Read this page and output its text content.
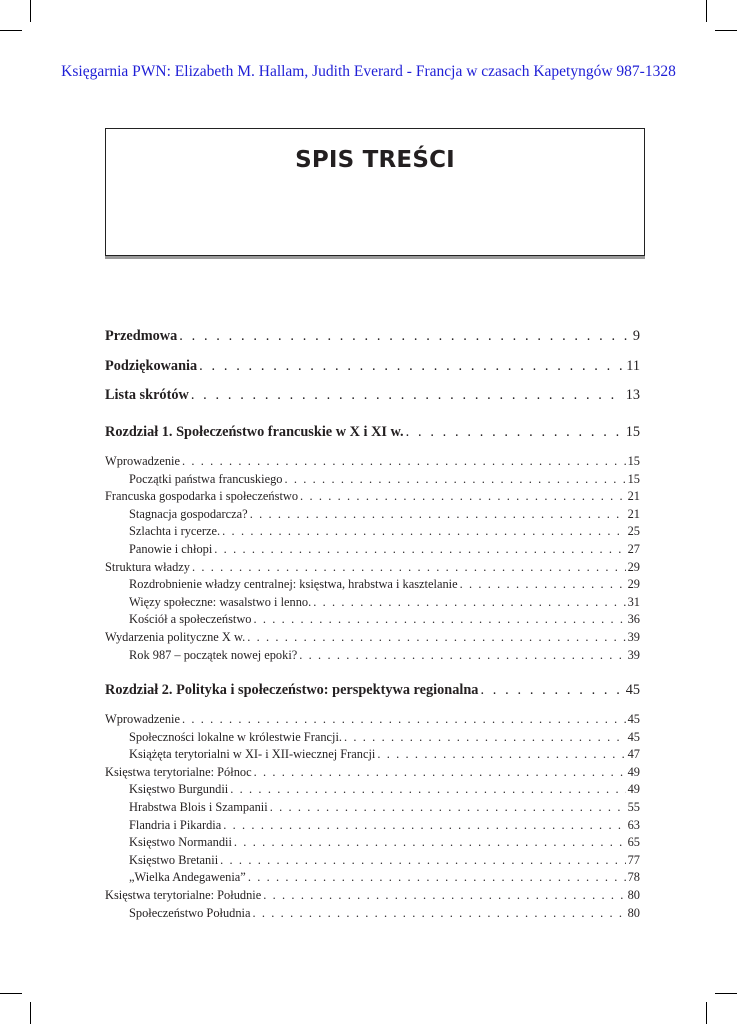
Księgarnia PWN: Elizabeth M. Hallam, Judith Everard - Francja w czasach Kapetyngów 987-1328
SPIS TREŚCI
Przedmowa . . .	9
Podziękowania . . .	11
Lista skrótów . . .	13
Rozdział 1. Społeczeństwo francuskie w X i XI w. . . .	15
Wprowadzenie . . .	15
Początki państwa francuskiego . . .	15
Francuska gospodarka i społeczeństwo . . .	21
Stagnacja gospodarcza? . . .	21
Szlachta i rycerze. . . .	25
Panowie i chłopi . . .	27
Struktura władzy . . .	29
Rozdrobnienie władzy centralnej: księstwa, hrabstwa i kasztelanie . . .	29
Więzy społeczne: wasalstwo i lenno. . . .	31
Kościół a społeczeństwo . . .	36
Wydarzenia polityczne X w. . . .	39
Rok 987 – początek nowej epoki? . . .	39
Rozdział 2. Polityka i społeczeństwo: perspektywa regionalna . . .	45
Wprowadzenie . . .	45
Społeczności lokalne w królestwie Francji. . . .	45
Książęta terytorialni w XI- i XII-wiecznej Francji . . .	47
Księstwa terytorialne: Północ . . .	49
Księstwo Burgundii . . .	49
Hrabstwa Blois i Szampanii . . .	55
Flandria i Pikardia . . .	63
Księstwo Normandii . . .	65
Księstwo Bretanii . . .	77
„Wielka Andegawenia” . . .	78
Księstwa terytorialne: Południe . . .	80
Społeczeństwo Południa . . .	80
